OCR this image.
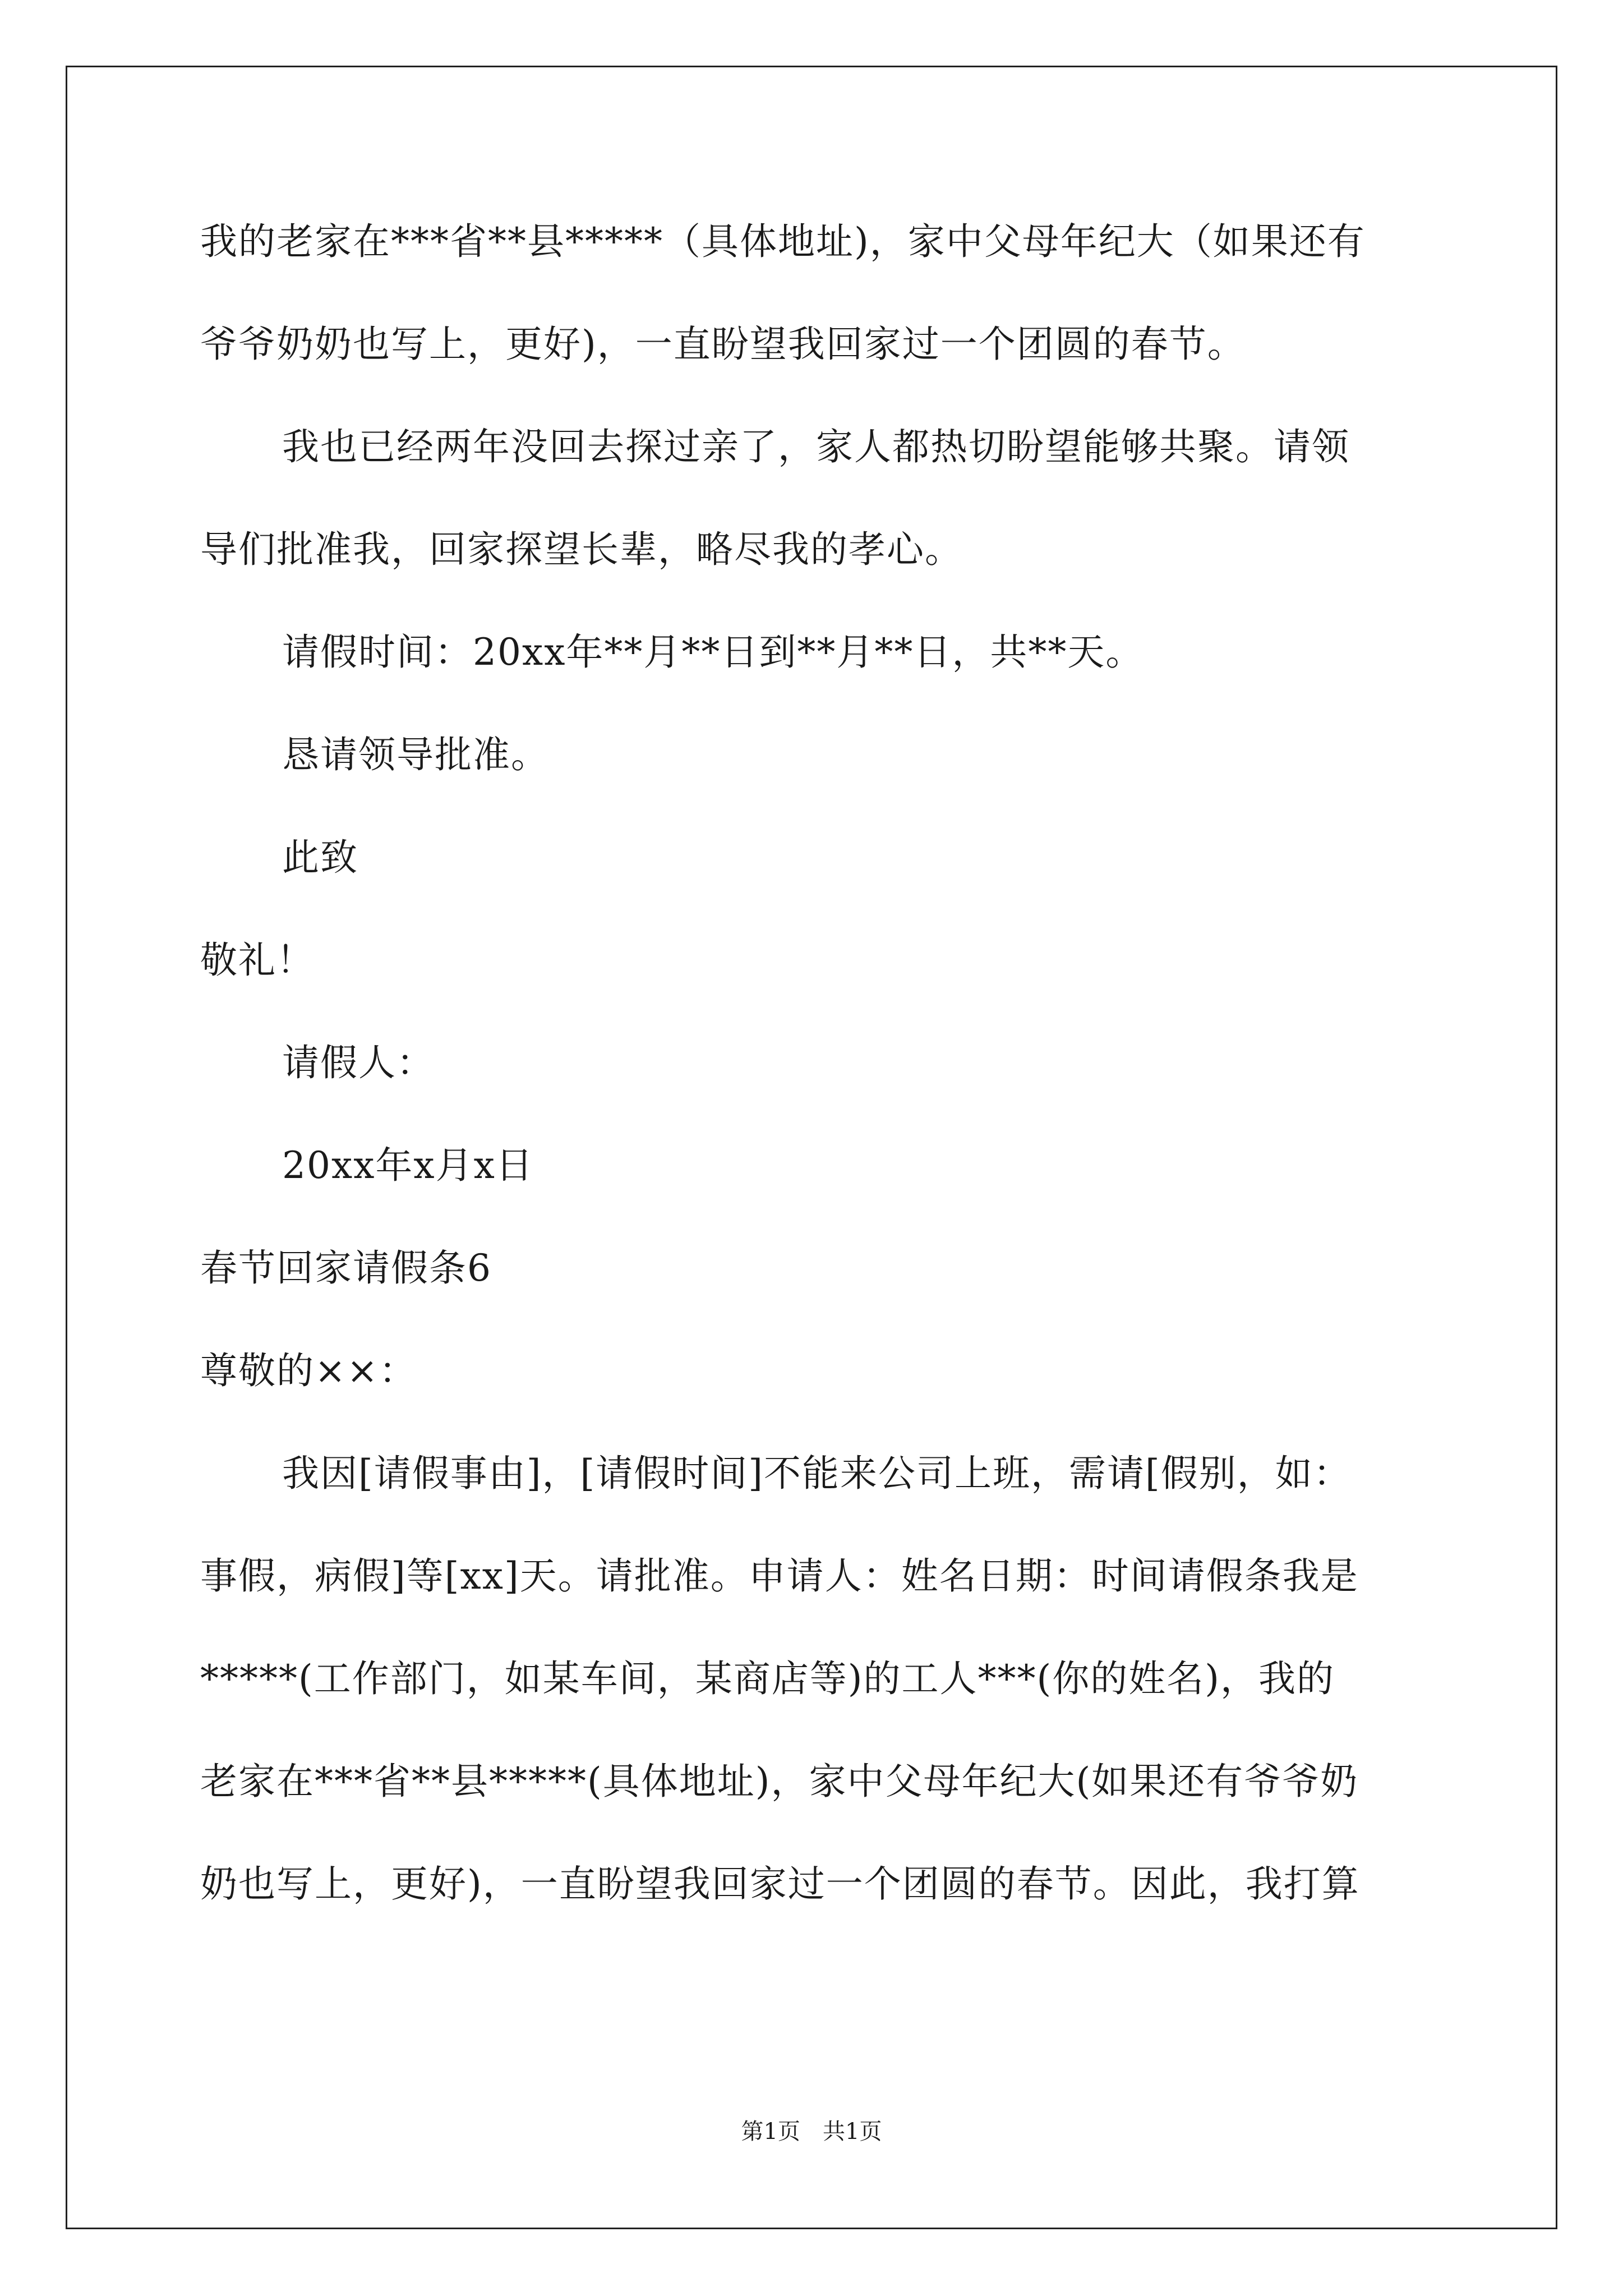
我的老家在***省**县*****（具体地址)，家中父母年纪大（如果还有
爷爷奶奶也写上，更好)，一直盼望我回家过一个团圆的春节。
我也已经两年没回去探过亲了，家人都热切盼望能够共聚。请领
导们批准我，回家探望长辈，略尽我的孝心。
请假时间：20xx年**月**日到**月**日，共**天。
恳请领导批准。
此致
敬礼！
请假人：
20xx年x月x日
春节回家请假条6
尊敬的××：
我因[请假事由]，[请假时间]不能来公司上班，需请[假别，如：
事假，病假]等[xx]天。请批准。申请人：姓名日期：时间请假条我是
*****(工作部门，如某车间，某商店等)的工人***(你的姓名)，我的
老家在***省**县*****(具体地址)，家中父母年纪大(如果还有爷爷奶
奶也写上，更好)，一直盼望我回家过一个团圆的春节。因此，我打算
第1页　共1页
